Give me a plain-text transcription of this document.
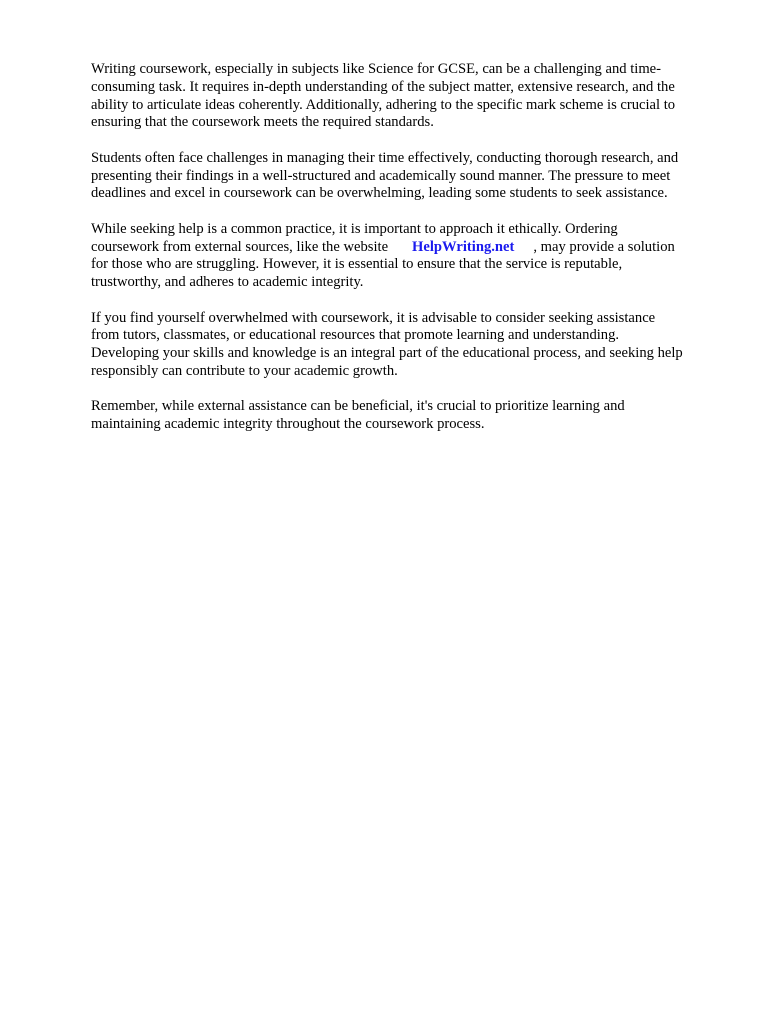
Writing coursework, especially in subjects like Science for GCSE, can be a challenging and time-
consuming task. It requires in-depth understanding of the subject matter, extensive research, and the
ability to articulate ideas coherently. Additionally, adhering to the specific mark scheme is crucial to
ensuring that the coursework meets the required standards.

Students often face challenges in managing their time effectively, conducting thorough research, and
presenting their findings in a well-structured and academically sound manner. The pressure to meet
deadlines and excel in coursework can be overwhelming, leading some students to seek assistance.

While seeking help is a common practice, it is important to approach it ethically. Ordering
coursework from external sources, like the website HelpWriting.net , may provide a solution
for those who are struggling. However, it is essential to ensure that the service is reputable,
trustworthy, and adheres to academic integrity.

If you find yourself overwhelmed with coursework, it is advisable to consider seeking assistance
from tutors, classmates, or educational resources that promote learning and understanding.
Developing your skills and knowledge is an integral part of the educational process, and seeking help
responsibly can contribute to your academic growth.

Remember, while external assistance can be beneficial, it's crucial to prioritize learning and
maintaining academic integrity throughout the coursework process.
